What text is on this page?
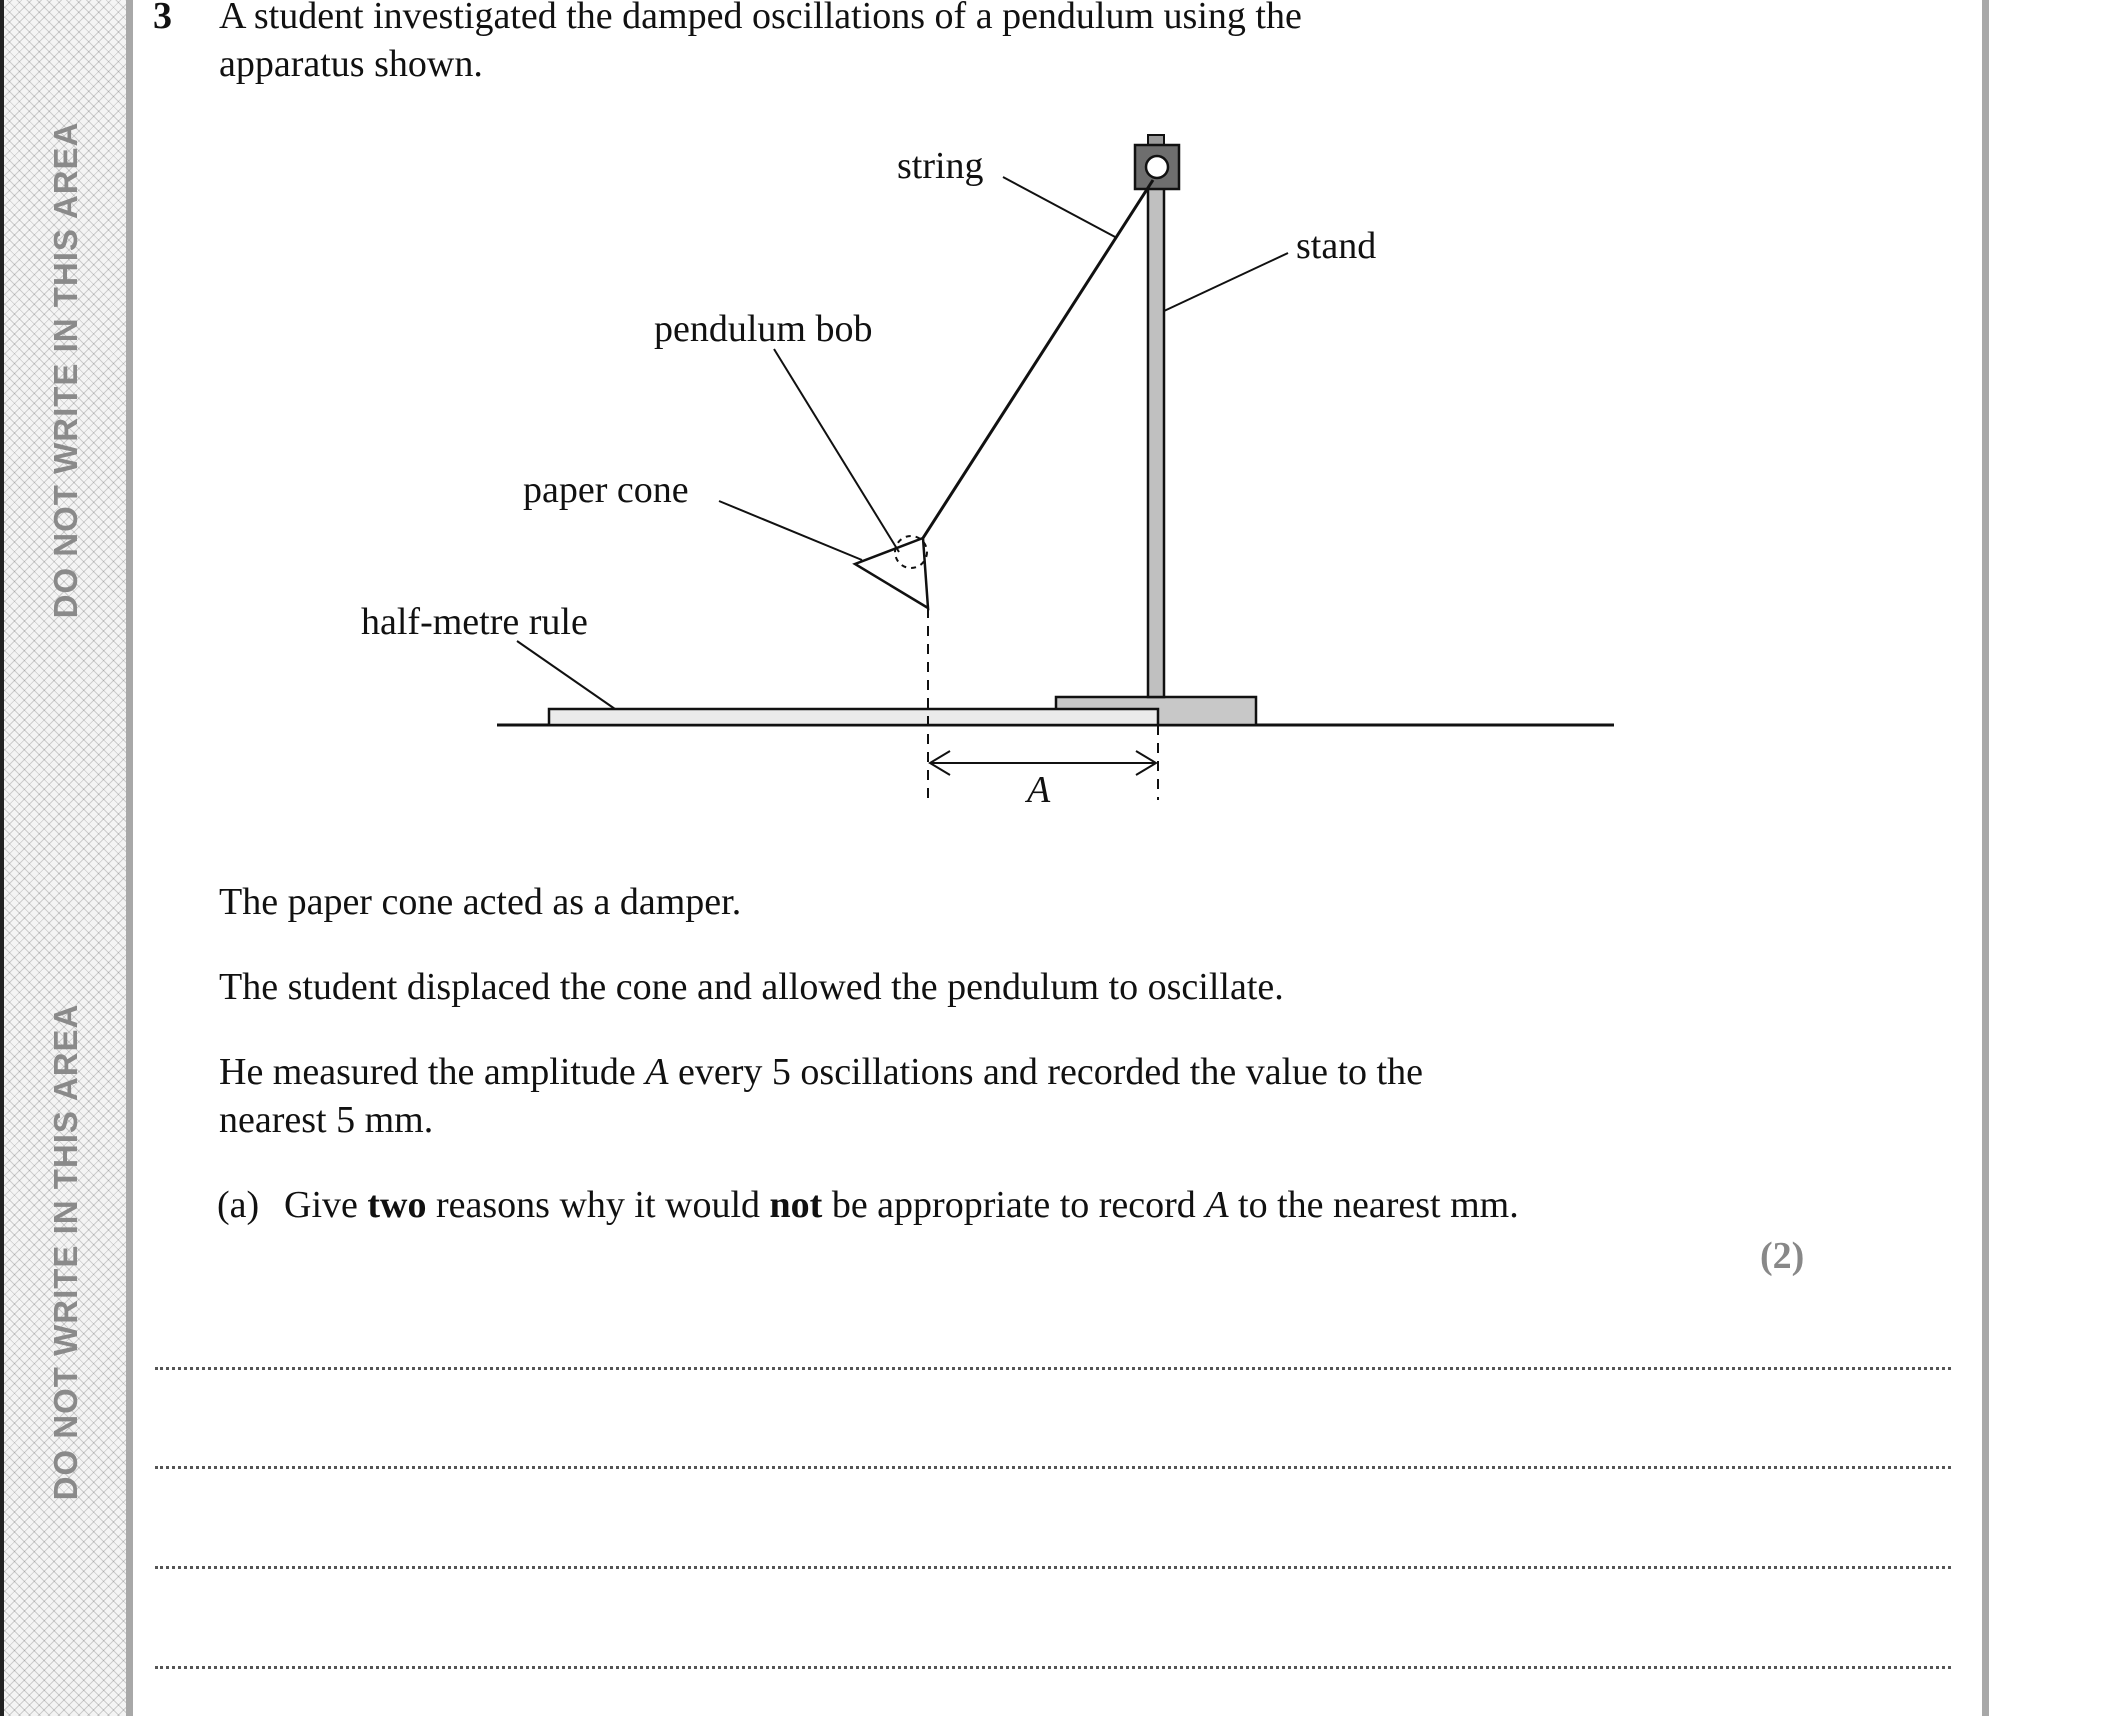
DO NOT WRITE IN THIS AREA
DO NOT WRITE IN THIS AREA
3 A student investigated the damped oscillations of a pendulum using the
apparatus shown.
string
stand
pendulum bob
paper cone
half-metre rule
A
The paper cone acted as a damper.
The student displaced the cone and allowed the pendulum to oscillate.
He measured the amplitude A every 5 oscillations and recorded the value to the
nearest 5 mm.
(a) Give two reasons why it would not be appropriate to record A to the nearest mm.
(2)
